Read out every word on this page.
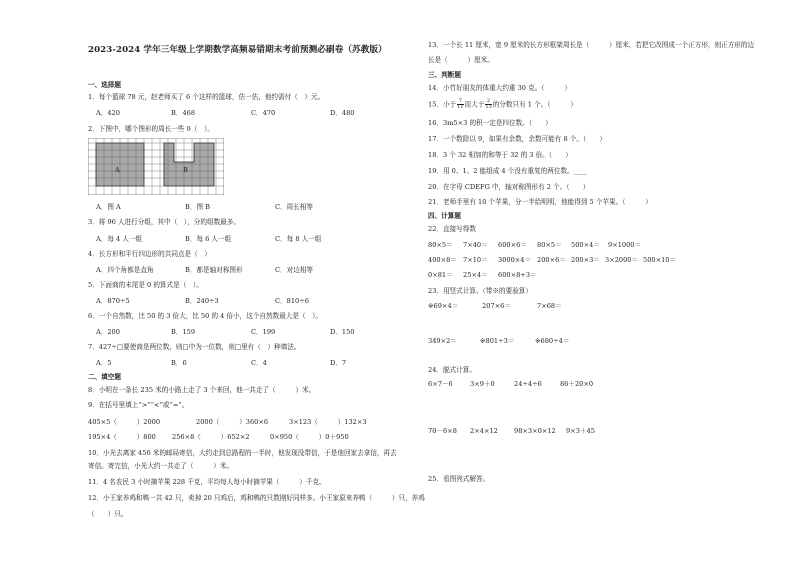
2023-2024 学年三年级上学期数学高频易错期末考前预测必刷卷（苏教版）
一、选择题
1．每个篮球 78 元，赵老师买了 6 个这样的篮球，估一估，他约需付（　）元。
A．420	B．468	C．470	D．480
2．下图中，哪个图形的周长一些 9（　）。
A	B
A．图 A	B．图 B	C．周长相等
3．将 96 人进行分组，其中（　），分的组数最多。
A．每 4 人一组	B．每 6 人一组	C．每 8 人一组
4．长方形和平行四边形的共同点是（　）
A．四个角都是直角	B．都是轴对称图形	C．对边相等
5．下面商的末尾是 0 的算式是（　）。
A．870÷5	B．240÷3	C．810÷6
6．一个自然数，比 50 的 3 倍大，比 50 的 4 倍小，这个自然数最大是（　）。
A．200	B．159	C．199	D．150
7．427÷□要使商是两位数，则□中为一位数，则□里有（　）种填法。
A．5	B．6	C．4	D．7
二、填空题
8．小明在一条长 235 米的小路上走了 3 个来回，他一共走了（　　　）米。
9．在括号里填上“>”“<”或“=”。
405×5（　　　）2000	2000（　　　）360×6	3×123（　　　）132×3
195×4（　　　）800 256×8（　　　）652×2	0×950（　　　）0＋950
10．小光去离家 450 米的邮局寄信，大约走到总路程的一半时，他发现没带信，于是他回家去拿信，再去
寄信。寄完信，小光大约一共走了（　　　）米。
11．4 名农民 3 小时摘苹果 228 千克，平均每人每小时摘苹果（　　　）千克。
12．小王家养鸡和鸭一共 42 只，卖掉 20 只鸡后，鸡和鸭的只数刚好同样多。小王家原来养鸭（　　　）只，养鸡
（　　）只。
13．一个长 11 厘米，宽 9 厘米的长方形框架周长是（　　　）厘米，若把它改围成一个正方形，则正方形的边
长是（　　　）厘米。
三、判断题
14．小竹好朋友的体重大约重 30 克。（　　　）
15．小于 $\frac{7}{11}$ 而大于 $\frac{2}{13}$ 的分数只有 1 个。（　　　）
16．3m5×3 的积一定是四位数。（　　）
17．一个数除以 9，如果有余数，余数可能有 8 个。（　　）
18．3 个 32 相加的和等于 32 的 3 倍。（　　）
19．用 0、1、2 能组成 4 个没有重复的两位数。____
20．在字母 CDEFG 中，轴对称图形有 2 个。（　　）
21．老师手里有 10 个苹果，分一半给明明，他能得到 5 个苹果。（　　　）
四、计算题
22．直接写得数
80×5＝ 7×40＝ 600×6＝ 80×5＝ 500×4＝ 9×1000＝
400×8＝ 7×10＝ 3000×4＝ 200×6＝ 200×3＝ 3×2000＝ 500×10＝
0×81＝ 25×4＝ 600×8+3＝
23．用竖式计算。（带※的要验算）
※69×4＝	207×6＝	7×68＝
349×2＝	※801÷3＝	※680÷4＝
24．脱式计算。
6×7－6	3×9＋0	24÷4÷6	86＋20×0
70－6×8 2×4×12 98×3×0×12 9×3＋45
25．看图列式解答。
